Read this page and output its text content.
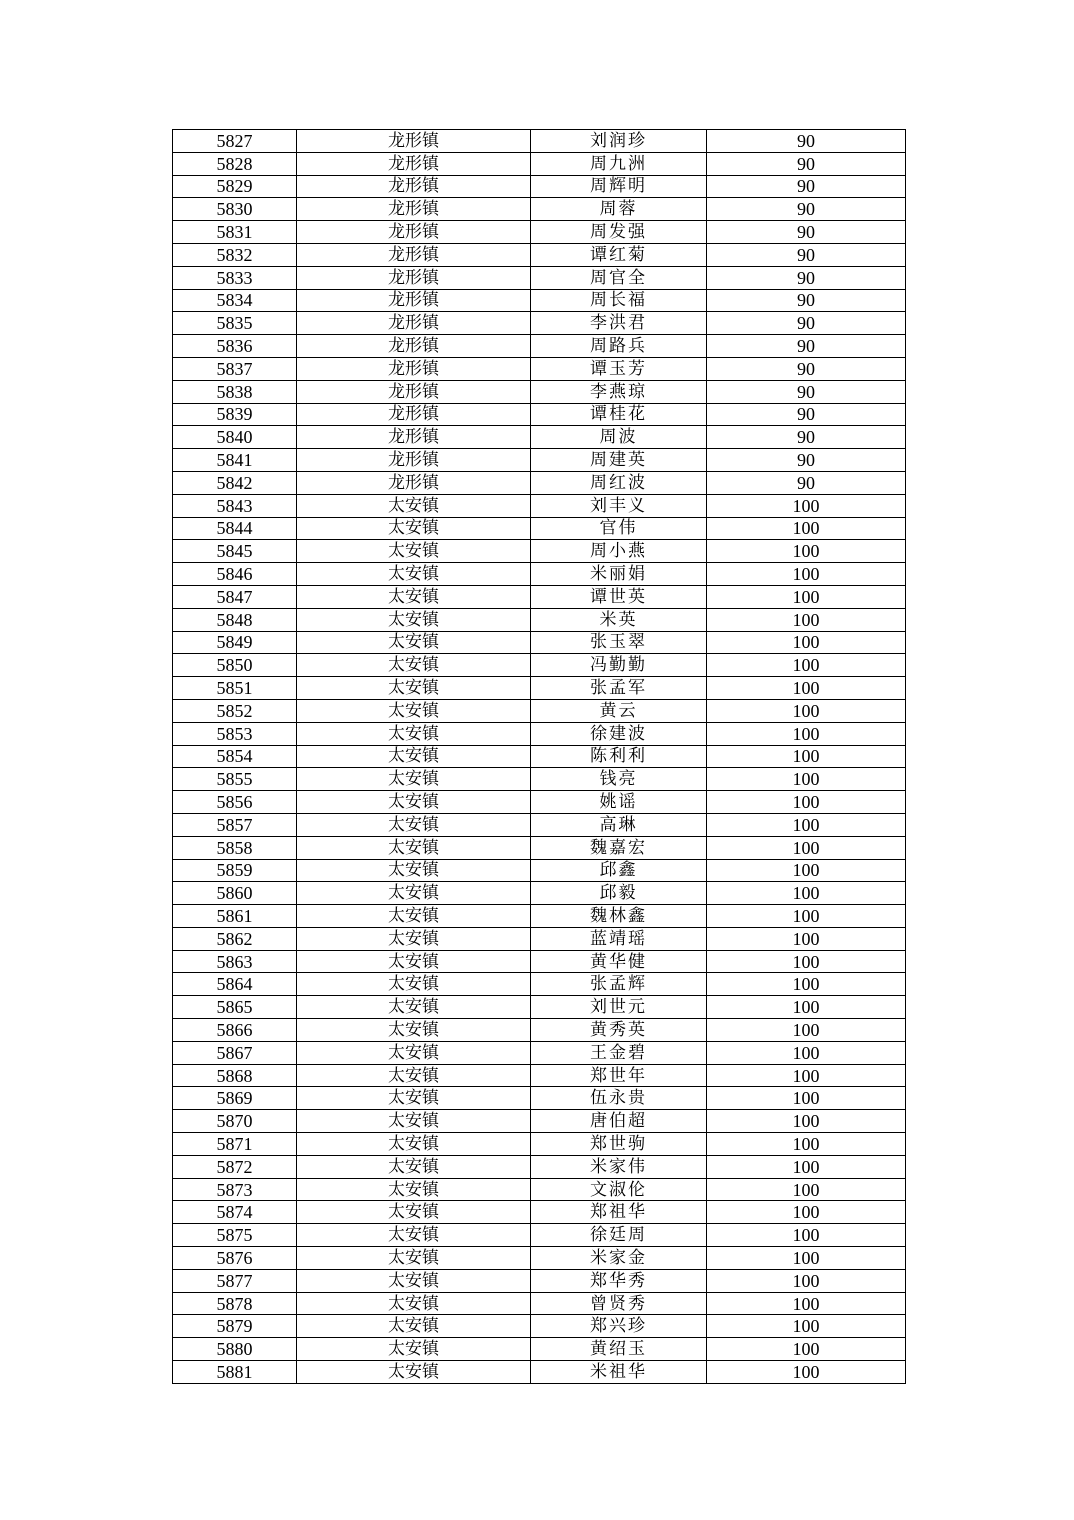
5827	龙形镇	刘润珍	90
5828	龙形镇	周九洲	90
5829	龙形镇	周辉明	90
5830	龙形镇	周蓉	90
5831	龙形镇	周发强	90
5832	龙形镇	谭红菊	90
5833	龙形镇	周官全	90
5834	龙形镇	周长福	90
5835	龙形镇	李洪君	90
5836	龙形镇	周路兵	90
5837	龙形镇	谭玉芳	90
5838	龙形镇	李燕琼	90
5839	龙形镇	谭桂花	90
5840	龙形镇	周波	90
5841	龙形镇	周建英	90
5842	龙形镇	周红波	90
5843	太安镇	刘丰义	100
5844	太安镇	官伟	100
5845	太安镇	周小燕	100
5846	太安镇	米丽娟	100
5847	太安镇	谭世英	100
5848	太安镇	米英	100
5849	太安镇	张玉翠	100
5850	太安镇	冯勤勤	100
5851	太安镇	张孟军	100
5852	太安镇	黄云	100
5853	太安镇	徐建波	100
5854	太安镇	陈利利	100
5855	太安镇	钱亮	100
5856	太安镇	姚谣	100
5857	太安镇	高琳	100
5858	太安镇	魏嘉宏	100
5859	太安镇	邱鑫	100
5860	太安镇	邱毅	100
5861	太安镇	魏林鑫	100
5862	太安镇	蓝靖瑶	100
5863	太安镇	黄华健	100
5864	太安镇	张孟辉	100
5865	太安镇	刘世元	100
5866	太安镇	黄秀英	100
5867	太安镇	王金碧	100
5868	太安镇	郑世年	100
5869	太安镇	伍永贵	100
5870	太安镇	唐伯超	100
5871	太安镇	郑世驹	100
5872	太安镇	米家伟	100
5873	太安镇	文淑伦	100
5874	太安镇	郑祖华	100
5875	太安镇	徐廷周	100
5876	太安镇	米家金	100
5877	太安镇	郑华秀	100
5878	太安镇	曾贤秀	100
5879	太安镇	郑兴珍	100
5880	太安镇	黄绍玉	100
5881	太安镇	米祖华	100
